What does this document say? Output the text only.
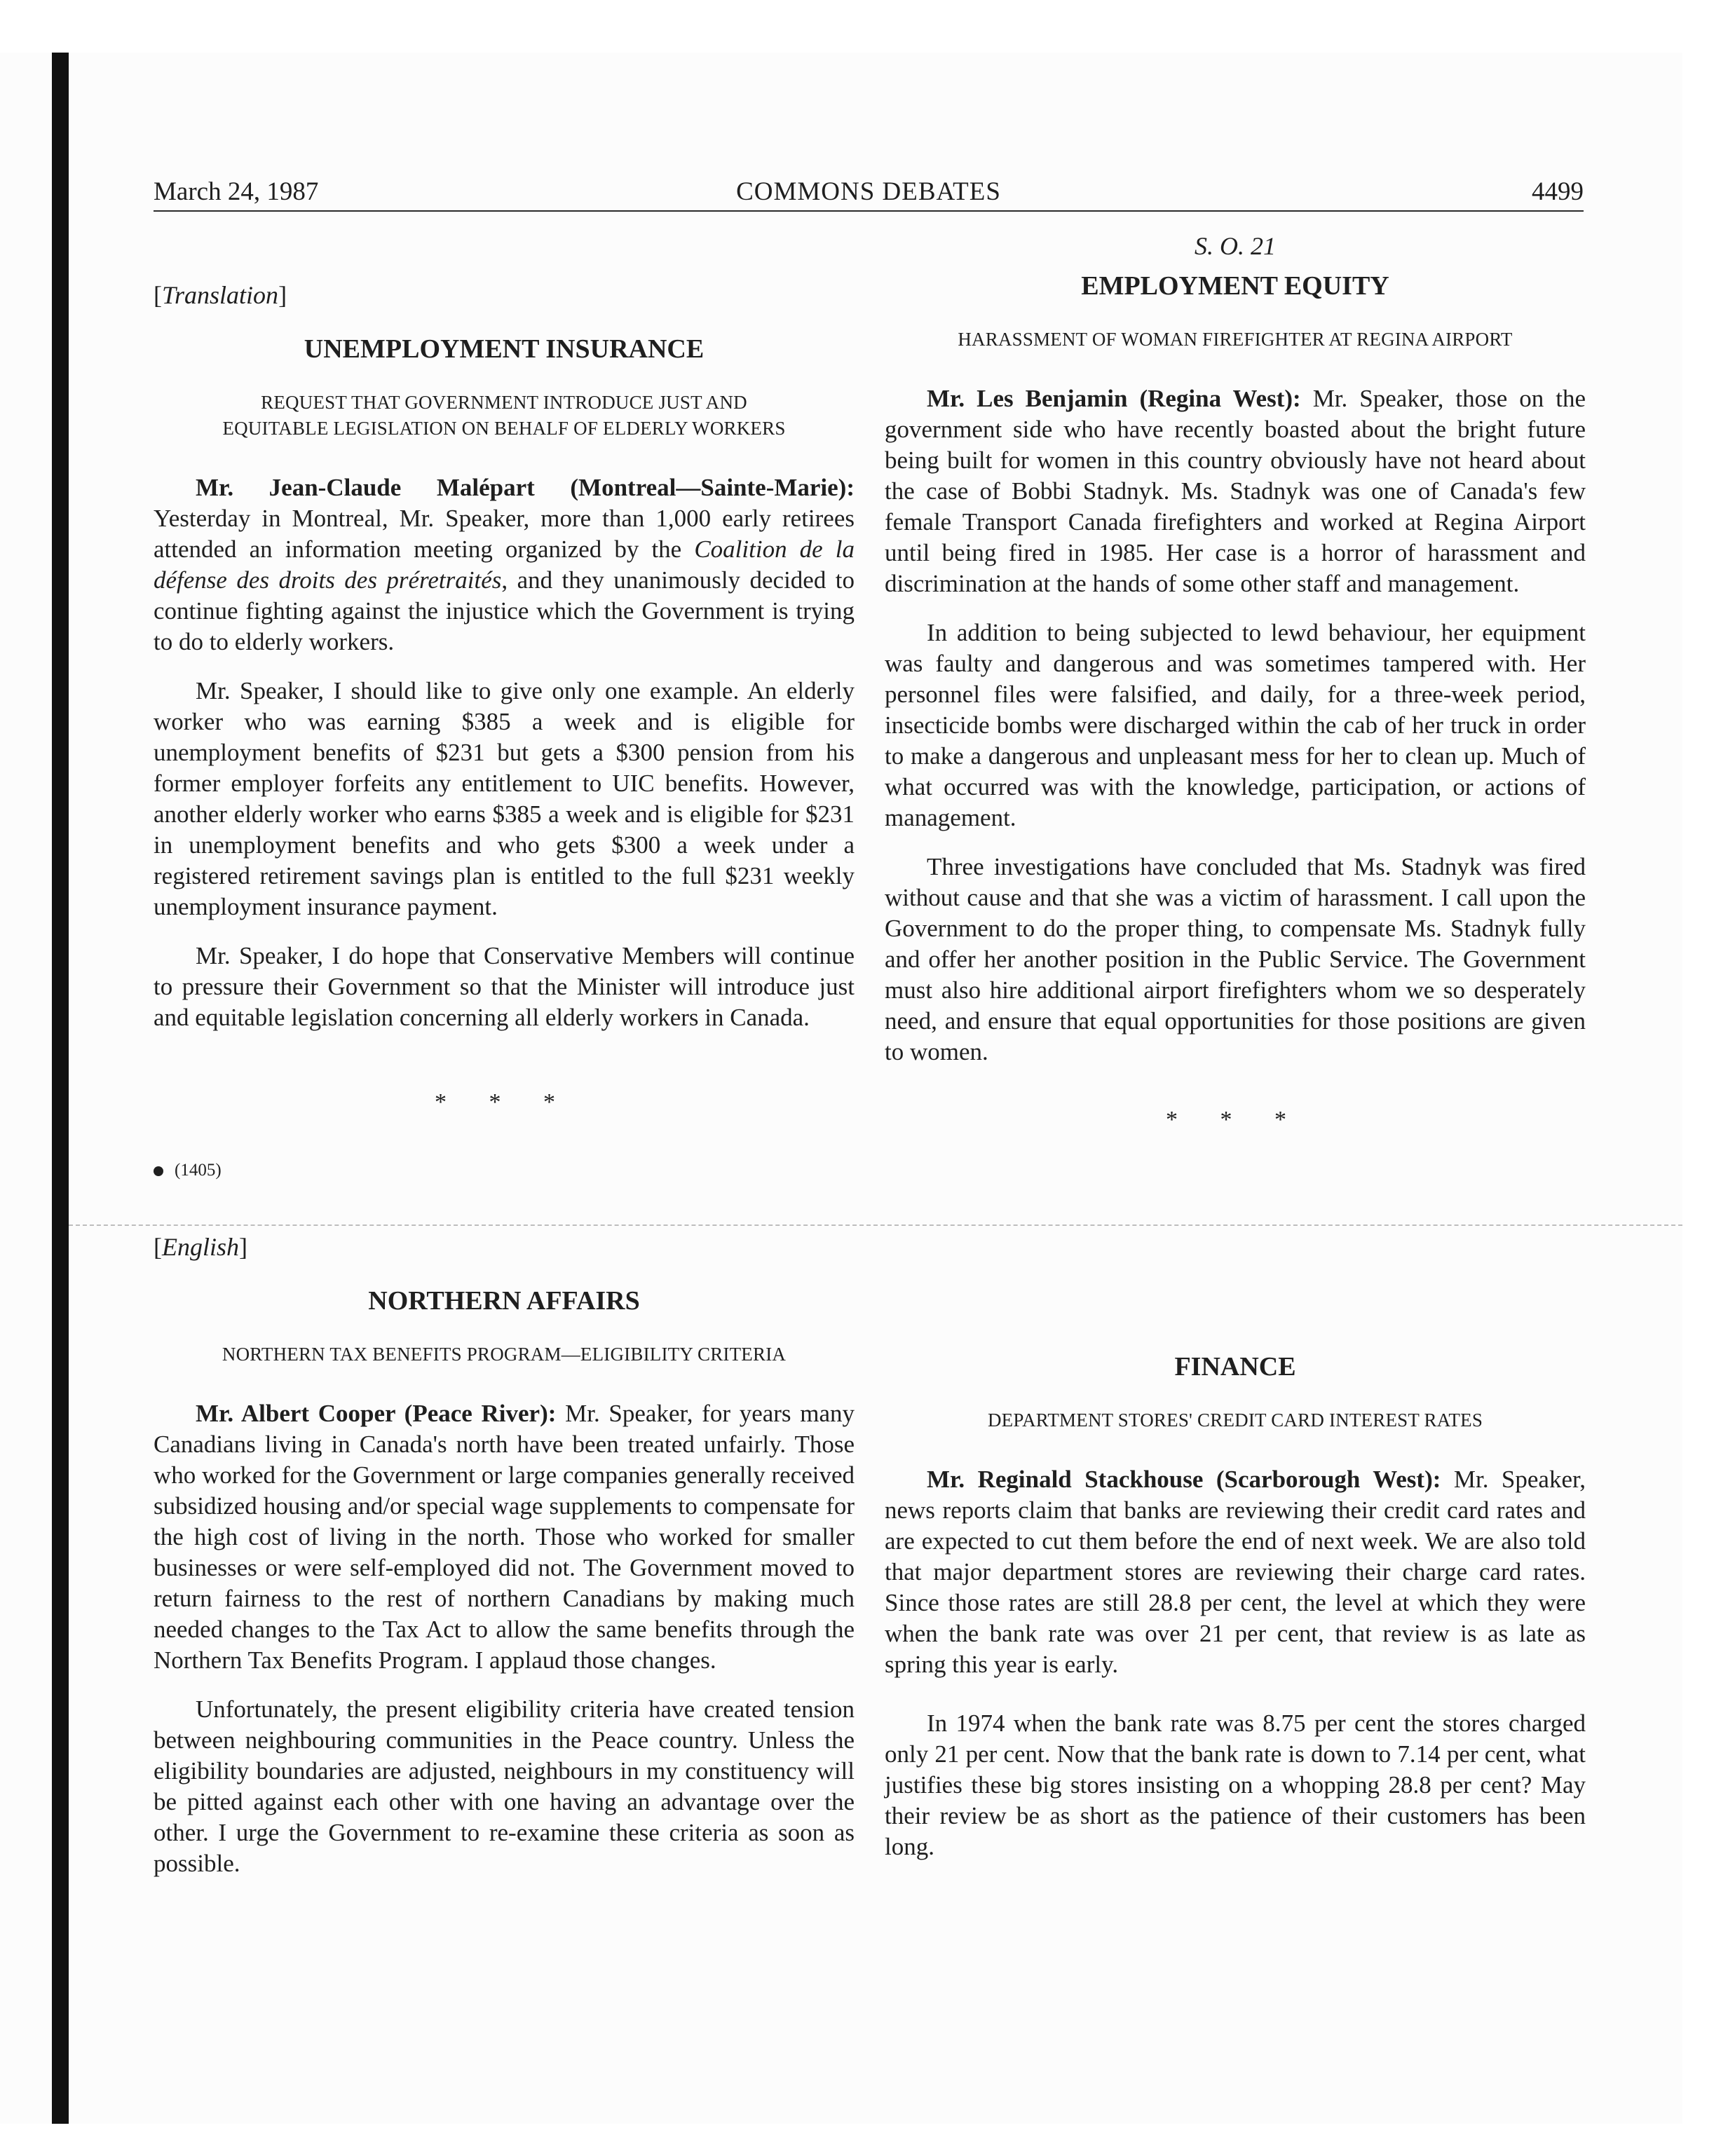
March 24, 1987	COMMONS DEBATES	4499
[Translation]
UNEMPLOYMENT INSURANCE
REQUEST THAT GOVERNMENT INTRODUCE JUST AND
EQUITABLE LEGISLATION ON BEHALF OF ELDERLY WORKERS

Mr. Jean-Claude Malépart (Montreal—Sainte-Marie): Yesterday in Montreal, Mr. Speaker, more than 1,000 early retirees attended an information meeting organized by the Coalition de la défense des droits des préretraités, and they unanimously decided to continue fighting against the injustice which the Government is trying to do to elderly workers.

Mr. Speaker, I should like to give only one example. An elderly worker who was earning $385 a week and is eligible for unemployment benefits of $231 but gets a $300 pension from his former employer forfeits any entitlement to UIC benefits. However, another elderly worker who earns $385 a week and is eligible for $231 in unemployment benefits and who gets $300 a week under a registered retirement savings plan is entitled to the full $231 weekly unemployment insurance payment.

Mr. Speaker, I do hope that Conservative Members will continue to pressure their Government so that the Minister will introduce just and equitable legislation concerning all elderly workers in Canada.

* * *
(1405)
S. O. 21
EMPLOYMENT EQUITY
HARASSMENT OF WOMAN FIREFIGHTER AT REGINA AIRPORT

Mr. Les Benjamin (Regina West): Mr. Speaker, those on the government side who have recently boasted about the bright future being built for women in this country obviously have not heard about the case of Bobbi Stadnyk. Ms. Stadnyk was one of Canada's few female Transport Canada firefighters and worked at Regina Airport until being fired in 1985. Her case is a horror of harassment and discrimination at the hands of some other staff and management.

In addition to being subjected to lewd behaviour, her equipment was faulty and dangerous and was sometimes tampered with. Her personnel files were falsified, and daily, for a three-week period, insecticide bombs were discharged within the cab of her truck in order to make a dangerous and unpleasant mess for her to clean up. Much of what occurred was with the knowledge, participation, or actions of management.

Three investigations have concluded that Ms. Stadnyk was fired without cause and that she was a victim of harassment. I call upon the Government to do the proper thing, to compensate Ms. Stadnyk fully and offer her another position in the Public Service. The Government must also hire additional airport firefighters whom we so desperately need, and ensure that equal opportunities for those positions are given to women.

* * *
[English]
NORTHERN AFFAIRS
NORTHERN TAX BENEFITS PROGRAM—ELIGIBILITY CRITERIA

Mr. Albert Cooper (Peace River): Mr. Speaker, for years many Canadians living in Canada's north have been treated unfairly. Those who worked for the Government or large companies generally received subsidized housing and/or special wage supplements to compensate for the high cost of living in the north. Those who worked for smaller businesses or were self-employed did not. The Government moved to return fairness to the rest of northern Canadians by making much needed changes to the Tax Act to allow the same benefits through the Northern Tax Benefits Program. I applaud those changes.

Unfortunately, the present eligibility criteria have created tension between neighbouring communities in the Peace country. Unless the eligibility boundaries are adjusted, neighbours in my constituency will be pitted against each other with one having an advantage over the other. I urge the Government to re-examine these criteria as soon as possible.

FINANCE
DEPARTMENT STORES' CREDIT CARD INTEREST RATES

Mr. Reginald Stackhouse (Scarborough West): Mr. Speaker, news reports claim that banks are reviewing their credit card rates and are expected to cut them before the end of next week. We are also told that major department stores are reviewing their charge card rates. Since those rates are still 28.8 per cent, the level at which they were when the bank rate was over 21 per cent, that review is as late as spring this year is early.

In 1974 when the bank rate was 8.75 per cent the stores charged only 21 per cent. Now that the bank rate is down to 7.14 per cent, what justifies these big stores insisting on a whopping 28.8 per cent? May their review be as short as the patience of their customers has been long.
